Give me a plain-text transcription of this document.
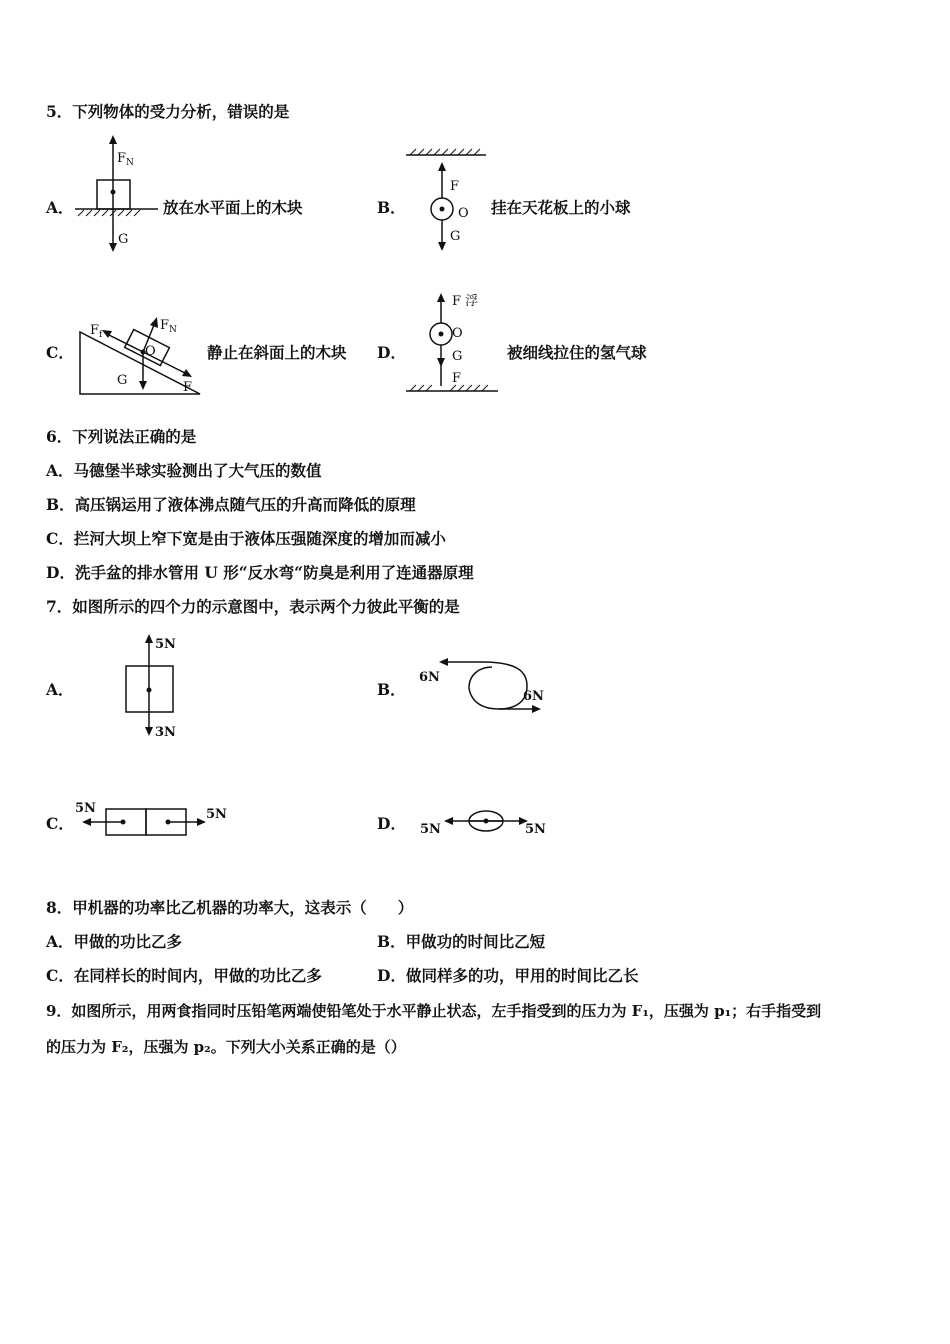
5．下列物体的受力分析，错误的是
A．
$F_N$
G
放在水平面上的木块	B．
F
O
G
挂在天花板上的小球
C．
$F_f$
$F_N$
O
G	F
静止在斜面上的木块 D．
F 浮
O
G
F
被细线拉住的氢气球
6．下列说法正确的是
A．马德堡半球实验测出了大气压的数值
B．高压锅运用了液体沸点随气压的升高而降低的原理
C．拦河大坝上窄下宽是由于液体压强随深度的增加而减小
D．洗手盆的排水管用 U 形“反水弯“防臭是利用了连通器原理
7．如图所示的四个力的示意图中，表示两个力彼此平衡的是
A．
5N
3N
B．
6N
6N
C．
5N	5N	D． 5N	5N
8．甲机器的功率比乙机器的功率大，这表示（　　）
A．甲做的功比乙多	B．甲做功的时间比乙短
C．在同样长的时间内，甲做的功比乙多	D．做同样多的功，甲用的时间比乙长
9．如图所示，用两食指同时压铅笔两端使铅笔处于水平静止状态，左手指受到的压力为 F₁，压强为 p₁；右手指受到
的压力为 F₂，压强为 p₂。下列大小关系正确的是（）
